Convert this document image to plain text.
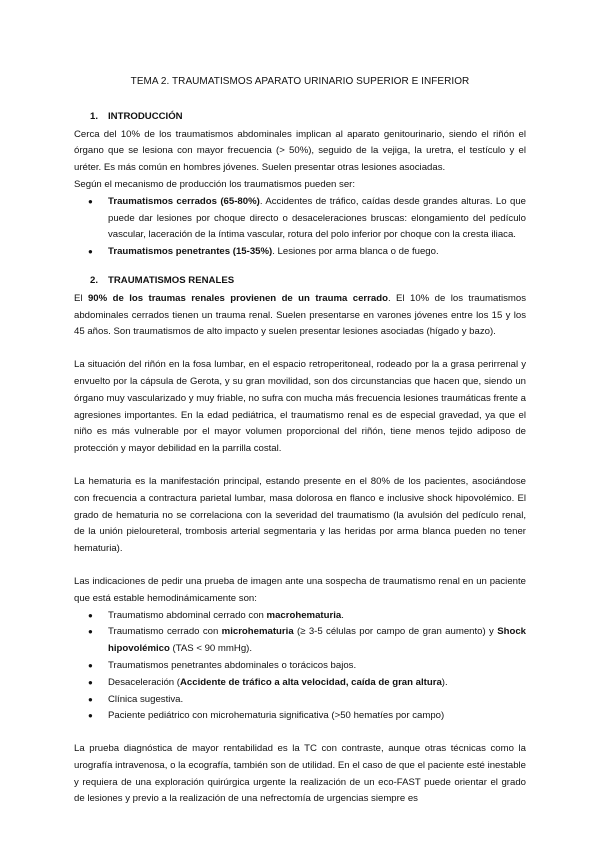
TEMA 2. TRAUMATISMOS APARATO URINARIO SUPERIOR E INFERIOR
1. INTRODUCCIÓN

Cerca del 10% de los traumatismos abdominales implican al aparato genitourinario, siendo el riñón el órgano que se lesiona con mayor frecuencia (> 50%), seguido de la vejiga, la uretra, el testículo y el uréter. Es más común en hombres jóvenes. Suelen presentar otras lesiones asociadas.

Según el mecanismo de producción los traumatismos pueden ser:

● Traumatismos cerrados (65-80%). Accidentes de tráfico, caídas desde grandes alturas. Lo que puede dar lesiones por choque directo o desaceleraciones bruscas: elongamiento del pedículo vascular, laceración de la íntima vascular, rotura del polo inferior por choque con la cresta iliaca.
● Traumatismos penetrantes (15-35%). Lesiones por arma blanca o de fuego.
2. TRAUMATISMOS RENALES

El 90% de los traumas renales provienen de un trauma cerrado. El 10% de los traumatismos abdominales cerrados tienen un trauma renal. Suelen presentarse en varones jóvenes entre los 15 y los 45 años. Son traumatismos de alto impacto y suelen presentar lesiones asociadas (hígado y bazo).

La situación del riñón en la fosa lumbar, en el espacio retroperitoneal, rodeado por la a grasa perirrenal y envuelto por la cápsula de Gerota, y su gran movilidad, son dos circunstancias que hacen que, siendo un órgano muy vascularizado y muy friable, no sufra con mucha más frecuencia lesiones traumáticas frente a agresiones importantes. En la edad pediátrica, el traumatismo renal es de especial gravedad, ya que el niño es más vulnerable por el mayor volumen proporcional del riñón, tiene menos tejido adiposo de protección y mayor debilidad en la parrilla costal.

La hematuria es la manifestación principal, estando presente en el 80% de los pacientes, asociándose con frecuencia a contractura parietal lumbar, masa dolorosa en flanco e inclusive shock hipovolémico. El grado de hematuria no se correlaciona con la severidad del traumatismo (la avulsión del pedículo renal, de la unión pieloureteral, trombosis arterial segmentaria y las heridas por arma blanca pueden no tener hematuria).

Las indicaciones de pedir una prueba de imagen ante una sospecha de traumatismo renal en un paciente que está estable hemodinámicamente son:

● Traumatismo abdominal cerrado con macrohematuria.
● Traumatismo cerrado con microhematuria (≥ 3-5 células por campo de gran aumento) y Shock hipovolémico (TAS < 90 mmHg).
● Traumatismos penetrantes abdominales o torácicos bajos.
● Desaceleración (Accidente de tráfico a alta velocidad, caída de gran altura).
● Clínica sugestiva.
● Paciente pediátrico con microhematuria significativa (>50 hematíes por campo)

La prueba diagnóstica de mayor rentabilidad es la TC con contraste, aunque otras técnicas como la urografía intravenosa, o la ecografía, también son de utilidad. En el caso de que el paciente esté inestable y requiera de una exploración quirúrgica urgente la realización de un eco-FAST puede orientar el grado de lesiones y previo a la realización de una nefrectomía de urgencias siempre es
